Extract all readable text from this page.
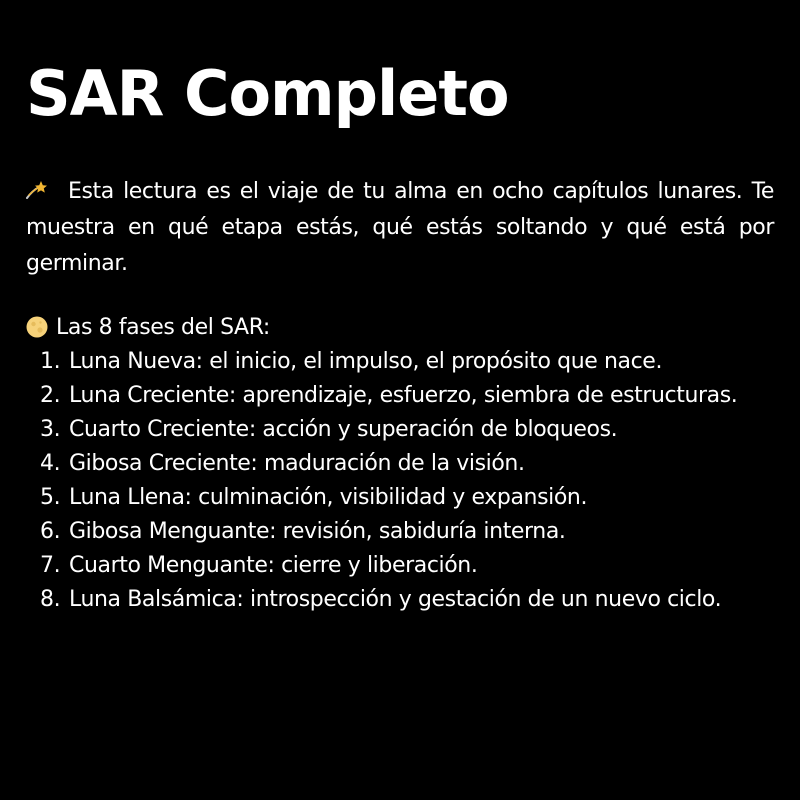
SAR Completo

Esta lectura es el viaje de tu alma en ocho capítulos lunares. Te muestra en qué etapa estás, qué estás soltando y qué está por germinar.

Las 8 fases del SAR:

1. Luna Nueva: el inicio, el impulso, el propósito que nace.
2. Luna Creciente: aprendizaje, esfuerzo, siembra de estructuras.
3. Cuarto Creciente: acción y superación de bloqueos.
4. Gibosa Creciente: maduración de la visión.
5. Luna Llena: culminación, visibilidad y expansión.
6. Gibosa Menguante: revisión, sabiduría interna.
7. Cuarto Menguante: cierre y liberación.
8. Luna Balsámica: introspección y gestación de un nuevo ciclo.
